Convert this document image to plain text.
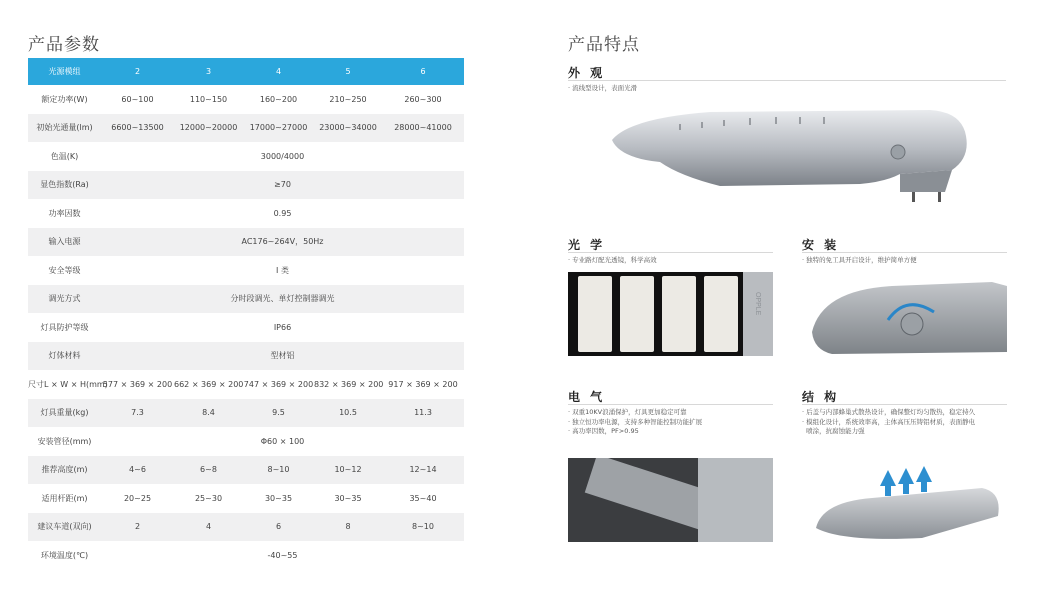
产品参数	产品特点
光源模组	2	3	4	5	6
额定功率(W)	60~100	110~150	160~200	210~250	260~300
初始光通量(lm)	6600~13500	12000~20000	17000~27000	23000~34000	28000~41000
色温(K)	3000/4000				
显色指数(Ra)	≥70				
功率因数	0.95				
输入电源	AC176~264V，50Hz				
安全等级	I 类				
调光方式	分时段调光、单灯控制器调光				
灯具防护等级	IP66				
灯体材料	型材铝				
尺寸L × W × H(mm)	577 × 369 × 200	662 × 369 × 200	747 × 369 × 200	832 × 369 × 200	917 × 369 × 200
灯具重量(kg)	7.3	8.4	9.5	10.5	11.3
安装管径(mm)	Φ60 × 100				
推荐高度(m)	4~6	6~8	8~10	10~12	12~14
适用杆距(m)	20~25	25~30	30~35	30~35	35~40
建议车道(双向)	2	4	6	8	8~10
环境温度(℃)	-40~55				
外 观
· 流线型设计，表面光滑
光 学
· 专业路灯配光透镜，科学高效
OPPLE
安 装
· 独特的免工具开启设计，维护简单方便
电 气
· 双重10KV浪涌保护，灯具更加稳定可靠
· 独立恒功率电源，支持多种智能控制功能扩展
· 高功率因数，PF>0.95
结 构
· 后盖与内部蜂巢式散热设计，确保整灯均匀散热，稳定持久
· 模组化设计，系统效率高，主体高压压铸铝材质，表面静电
喷涂，抗腐蚀能力强
